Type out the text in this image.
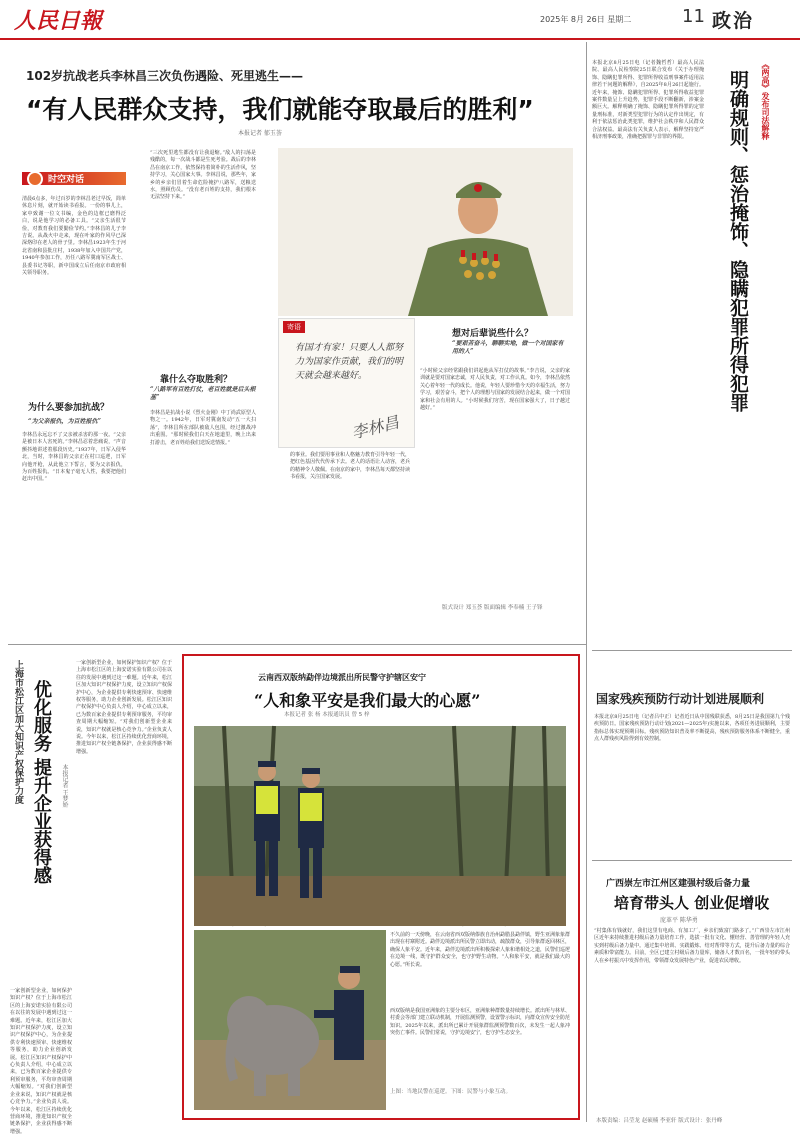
人民日報	2025年 8月 26日 星期二	11 政治
102岁抗战老兵李林昌三次负伤遇险、死里逃生——
“有人民群众支持，我们就能夺取最后的胜利”
本报记者 郁玉荟
时空对话
清晨6点多，年过百岁的李林昌老过早饭，简单休息片刻，就开始读书看报。一份的事儿上，家中致谢一位文书编，金色的边框已磨得泛白，说是他学习的必备工具。“父亲生活很节俭，对教育我们要勤俭节约。”李林昌的儿子李吉说。从战火中走来，现在叶家的作风早已深深烙印在老人的骨子里。李林昌1923年生于河北省南和县批庄村，1938年加入中国共产党，1940年参加工作，历任八路军冀南军区战士、县委书记等职，新中国成立后任南京市政府相关领导职务。
为什么要参加抗战？
“为父亲报仇，为百姓报仇”
李林昌永远忘不了父亲被杀害的那一夜。“父亲是被日本人害死的。”李林昌忍着悲痛说，“声音颤抖地讲述着那段历史。”1937年，日军入侵华北，当时，李林昌的父亲正在村口巡逻，日军向他开枪，从此他立下誓言，要为父亲报仇，为百姓报仇。“日本鬼子毫无人性，我要把他们赶出中国。”
“三次死里逃生都没有让我退缩。”敌人的扫荡是残酷的，每一次战斗都是生死考验。战后的李林昌在南京工作，依然保持着简朴的生活作风，坚持学习，关心国家大事。李林昌说，那些年，家乡的乡亲们冒着生命危险掩护八路军，送粮送水，照顾伤员。“没有老百姓的支持，我们根本无法坚持下来。”
靠什么夺取胜利？
“八路军有百姓打仗，老百姓就是后头根基”
李林昌是抗战小说《烈火金刚》中丁尚武原型人物之一。1942年，日军对冀南发动“五一大扫荡”，李林昌所在部队被敌人包围，经过激战冲出重围。“那时候我们白天在地道里，晚上出来打游击，老百姓给我们送饭送情报。”
寄语
有国才有家！只要人人都努力为国家作贡献，我们的明天就会越来越好。
李林昌
想对后辈说些什么？
“要艰苦奋斗，聊聊实地，做一个对国家有用的人”
“小时候父亲经常跟我们讲起他从军打仗的故事。”李吉说，父亲的家训就是要对国家忠诚，对人民负责，对工作认真。如今，李林昌依然关心着年轻一代的成长。他说，年轻人要珍惜今天的幸福生活，努力学习，艰苦奋斗，把个人的理想与国家的发展结合起来，做一个对国家和社会有用的人。“小时候我们穷苦，现在国家强大了，日子越过越好。”
的事业。我们要用事业和人格魅力教育引导年轻一代，把红色基因代代传承下去。老人的话语让人动容，老兵的精神令人敬佩。在南京的家中，李林昌每天都坚持读书看报，关注国家发展。
版式设计 郑玉荟 版面编辑 李奉楠 王子锋
本报北京8月25日电（记者魏哲哲）最高人民法院、最高人民检察院25日联合发布《关于办理掩饰、隐瞒犯罪所得、犯罪所得收益刑事案件适用法律若干问题的解释》，自2025年8月26日起施行。近年来，掩饰、隐瞒犯罪所得、犯罪所得收益犯罪案件数量呈上升趋势，犯罪手段不断翻新，涉案金额巨大。解释明确了掩饰、隐瞒犯罪所得罪的定罪量刑标准，对新类型犯罪行为的认定作出规定，有利于依法惩治此类犯罪，维护社会秩序和人民群众合法权益。最高法有关负责人表示，解释坚持宽严相济刑事政策，准确把握罪与非罪的界限。	《两高》发布司法解释
明确规则、惩治掩饰、隐瞒犯罪所得犯罪
国家残疾预防行动计划进展顺利
本报北京8月25日电（记者吕中正）记者近日从中国残联获悉，8月25日是我国第九个残疾预防日。国家残疾预防行动计划(2021—2025年)实施以来，各项任务进展顺利，主要指标总体实现预期目标。残疾预防知识普及率不断提高，残疾预防服务体系不断健全，重点人群残疾风险得到有效控制。
广西崇左市江州区建强村级后备力量
培育带头人 创业促增收
庞革平 陈华勇
“村集体有钱就好，我们这里有电商、有加工厂，乡亲们致富门路多了。”广西崇左市江州区近年来持续推进村级后备力量培育工作，选拔一批有文化、懂经营、善管理的年轻人充实到村级后备力量中。通过集中培训、实践锻炼、结对帮带等方式，提升后备力量的综合素质和带富能力。目前，全区已建立村级后备力量库，储备人才数百名，一批年轻的带头人在乡村振兴中发挥作用，带领群众发展特色产业，促进农民增收。
本版责编：吕莹龙 赵硕楠 李亚轩 版式设计：张丹峰
上海市松江区加大知识产权保护力度 优化服务 提升企业获得感	本报记者 王梦娇
一家创新型企业，如何保护知识产权？位于上海市松江区的上海安诺实验有限公司在以往的发展中遇到过这一难题。近年来，松江区加大知识产权保护力度，设立知识产权保护中心，为企业提供专利快速预审、快速维权等服务，助力企业创新发展。松江区知识产权保护中心负责人介绍，中心成立以来，已为数百家企业提供专利预审服务，平均审查周期大幅缩短。“对我们创新型企业来说，知识产权就是核心竞争力。”企业负责人说。今年以来，松江区持续优化营商环境，推进知识产权全链条保护，企业获得感不断增强。
一家创新型企业，如何保护知识产权？位于上海市松江区的上海安诺实验有限公司在以往的发展中遇到过这一难题。近年来，松江区加大知识产权保护力度，设立知识产权保护中心，为企业提供专利快速预审、快速维权等服务，助力企业创新发展。松江区知识产权保护中心负责人介绍，中心成立以来，已为数百家企业提供专利预审服务，平均审查周期大幅缩短。“对我们创新型企业来说，知识产权就是核心竞争力。”企业负责人说。今年以来，松江区持续优化营商环境，推进知识产权全链条保护，企业获得感不断增强。
云南西双版纳勐伴边境派出所民警守护辖区安宁
“人和象平安是我们最大的心愿”
本报记者 张 杨 本报通讯员 曾 5 梓
上图：当地民警在巡逻。下图：民警与小象互动。
不久前的一天傍晚，在云南省西双版纳傣族自治州勐腊县勐伴镇，野生亚洲象象群出现在村寨附近。勐伴边境派出所民警立即出动，疏散群众，引导象群返回林区，确保人象平安。近年来，勐伴边境派出所积极探索人象和谐相处之道，民警们巡逻在边境一线，既守护群众安全，也守护野生动物。“人和象平安，就是我们最大的心愿。”所长说。
西双版纳是我国亚洲象的主要分布区，亚洲象种群数量持续增长。派出所与林草、村委会等部门建立联动机制，开展监测预警，设置警示标识，向群众宣传安全防范知识。2025年以来，派出所已累计开展象群监测预警数百次，未发生一起人象冲突伤亡事件。民警们常说，守护边境安宁，也守护生态安全。
